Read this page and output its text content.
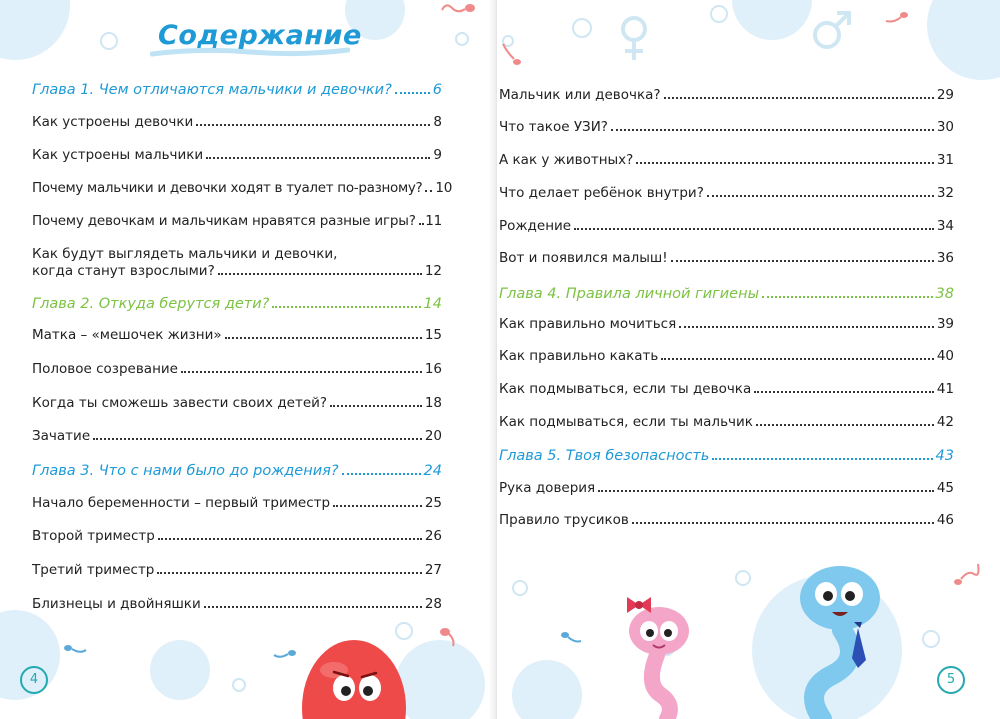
Содержание
Глава 1. Чем отличаются мальчики и девочки?	6
Как устроены девочки	8
Как устроены мальчики	9
Почему мальчики и девочки ходят в туалет по-разному? 10
Почему девочкам и мальчикам нравятся разные игры? 11
Как будут выглядеть мальчики и девочки,
когда станут взрослыми?	12
Глава 2. Откуда берутся дети?	14
Матка – «мешочек жизни»	15
Половое созревание	16
Когда ты сможешь завести своих детей?	18
Зачатие	20
Глава 3. Что с нами было до рождения?	24
Начало беременности – первый триместр	25
Второй триместр	26
Третий триместр	27
Близнецы и двойняшки	28
4
Мальчик или девочка?	29
Что такое УЗИ?	30
А как у животных?	31
Что делает ребёнок внутри?	32
Рождение	34
Вот и появился малыш!	36
Глава 4. Правила личной гигиены	38
Как правильно мочиться	39
Как правильно какать	40
Как подмываться, если ты девочка	41
Как подмываться, если ты мальчик	42
Глава 5. Твоя безопасность	43
Рука доверия	45
Правило трусиков	46
5
